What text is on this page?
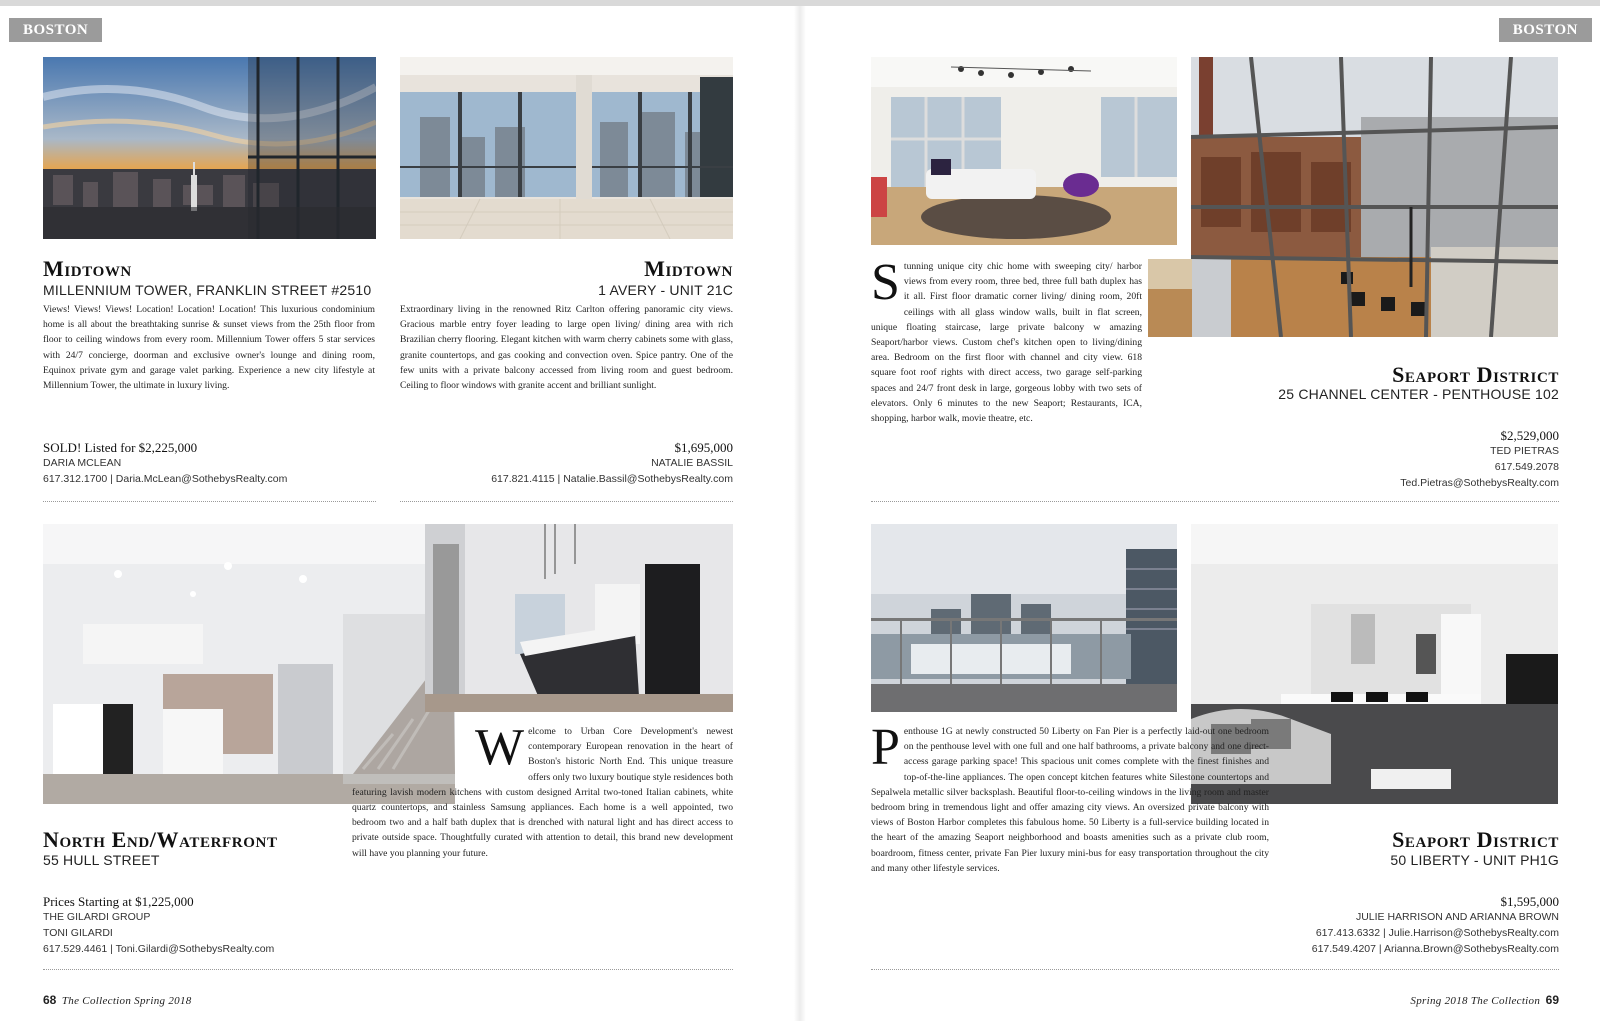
BOSTON	BOSTON
Midtown
MILLENNIUM TOWER, FRANKLIN STREET #2510
Views! Views! Views! Location! Location! Location! This luxurious condominium home is all about the breathtaking sunrise & sunset views from the 25th floor from floor to ceiling windows from every room. Millennium Tower offers 5 star services with 24/7 concierge, doorman and exclusive owner's lounge and dining room, Equinox private gym and garage valet parking. Experience a new city lifestyle at Millennium Tower, the ultimate in luxury living.
SOLD! Listed for $2,225,000
DARIA MCLEAN
617.312.1700 | Daria.McLean@SothebysRealty.com
Midtown
1 AVERY - UNIT 21C
Extraordinary living in the renowned Ritz Carlton offering panoramic city views. Gracious marble entry foyer leading to large open living/ dining area with rich Brazilian cherry flooring. Elegant kitchen with warm cherry cabinets some with glass, granite countertops, and gas cooking and convection oven. Spice pantry. One of the few units with a private balcony accessed from living room and guest bedroom. Ceiling to floor windows with granite accent and brilliant sunlight.
$1,695,000
NATALIE BASSIL
617.821.4115 | Natalie.Bassil@SothebysRealty.com
Stunning unique city chic home with sweeping city/ harbor views from every room, three bed, three full bath duplex has it all. First floor dramatic corner living/ dining room, 20ft ceilings with all glass window walls, built in flat screen, unique floating staircase, large private balcony w amazing Seaport/harbor views. Custom chef's kitchen open to living/dining area. Bedroom on the first floor with channel and city view. 618 square foot roof rights with direct access, two garage self-parking spaces and 24/7 front desk in large, gorgeous lobby with two sets of elevators. Only 6 minutes to the new Seaport; Restaurants, ICA, shopping, harbor walk, movie theatre, etc.
Seaport District
25 CHANNEL CENTER - PENTHOUSE 102
$2,529,000
TED PIETRAS
617.549.2078
Ted.Pietras@SothebysRealty.com
Welcome to Urban Core Development's newest contemporary European renovation in the heart of Boston's historic North End. This unique treasure offers only two luxury boutique style residences both featuring lavish modern kitchens with custom designed Arrital two-toned Italian cabinets, white quartz countertops, and stainless Samsung appliances. Each home is a well appointed, two bedroom two and a half bath duplex that is drenched with natural light and has direct access to private outside space. Thoughtfully curated with attention to detail, this brand new development will have you planning your future.
North End/Waterfront
55 HULL STREET
Prices Starting at $1,225,000
THE GILARDI GROUP
TONI GILARDI
617.529.4461 | Toni.Gilardi@SothebysRealty.com
Penthouse 1G at newly constructed 50 Liberty on Fan Pier is a perfectly laid-out one bedroom on the penthouse level with one full and one half bathrooms, a private balcony and one direct-access garage parking space! This spacious unit comes complete with the finest finishes and top-of-the-line appliances. The open concept kitchen features white Silestone countertops and Sepalwela metallic silver backsplash. Beautiful floor-to-ceiling windows in the living room and master bedroom bring in tremendous light and offer amazing city views. An oversized private balcony with views of Boston Harbor completes this fabulous home. 50 Liberty is a full-service building located in the heart of the amazing Seaport neighborhood and boasts amenities such as a private club room, boardroom, fitness center, private Fan Pier luxury mini-bus for easy transportation throughout the city and many other lifestyle services.
Seaport District
50 LIBERTY - UNIT PH1G
$1,595,000
JULIE HARRISON AND ARIANNA BROWN
617.413.6332 | Julie.Harrison@SothebysRealty.com
617.549.4207 | Arianna.Brown@SothebysRealty.com
68 The Collection Spring 2018	Spring 2018 The Collection 69
